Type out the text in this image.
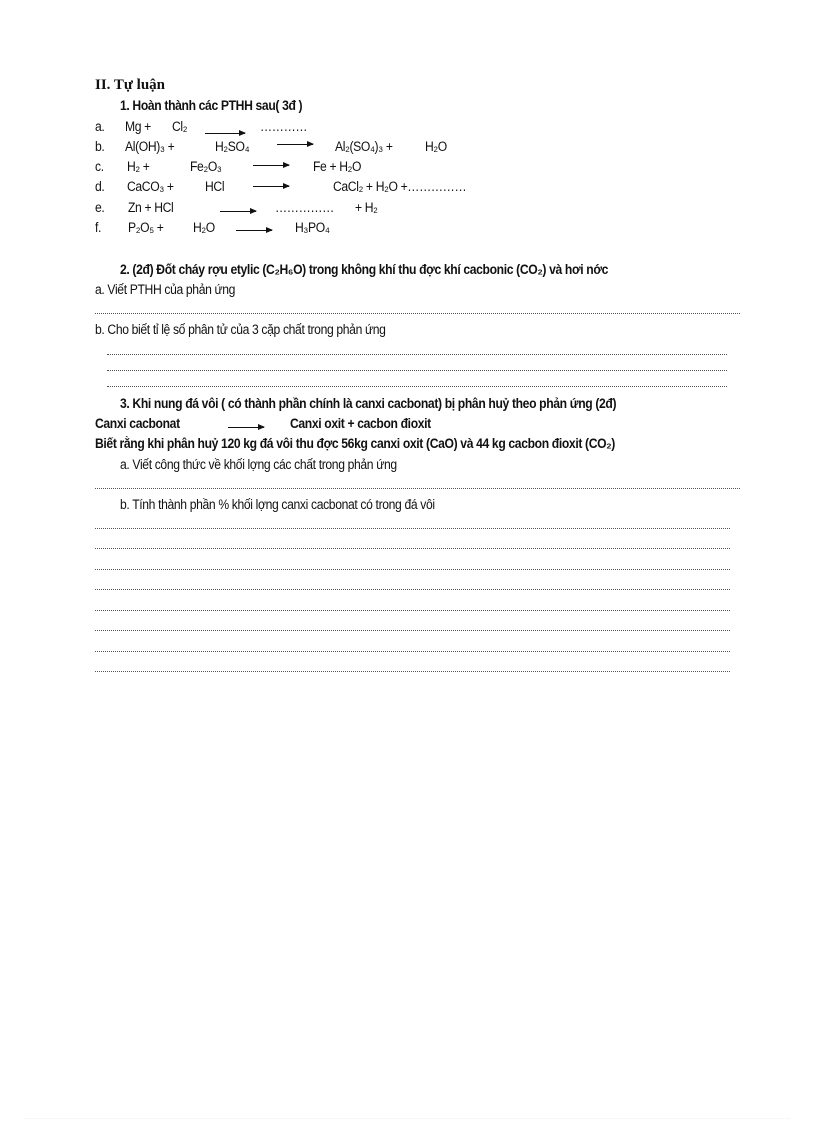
II. Tự luận
1. Hoàn thành các PTHH sau( 3đ )
a. Mg + Cl₂	…………
b. Al(OH)₃ +	H₂SO₄	Al₂(SO₄)₃ + H₂O
c. H₂ +	Fe₂O₃	Fe + H₂O
d. CaCO₃ + HCl	CaCl₂ + H₂O +……………
e. Zn + HCl	…………… + H₂
f. P₂O₅ + H₂O	H₃PO₄
2. (2đ) Đốt cháy rợu etylic (C₂H₆O) trong không khí thu đợc khí cacbonic (CO₂) và hơi nớc
a. Viết PTHH của phản ứng
b. Cho biết tỉ lệ số phân tử của 3 cặp chất trong phản ứng
3. Khi nung đá vôi ( có thành phần chính là canxi cacbonat) bị phân huỷ theo phản ứng (2đ)
Canxi cacbonat	Canxi oxit + cacbon đioxit
Biết rằng khi phân huỷ 120 kg đá vôi thu đợc 56kg canxi oxit (CaO) và 44 kg cacbon đioxit (CO₂)
a. Viết công thức về khối lợng các chất trong phản ứng
b. Tính thành phần % khối lợng canxi cacbonat có trong đá vôi
